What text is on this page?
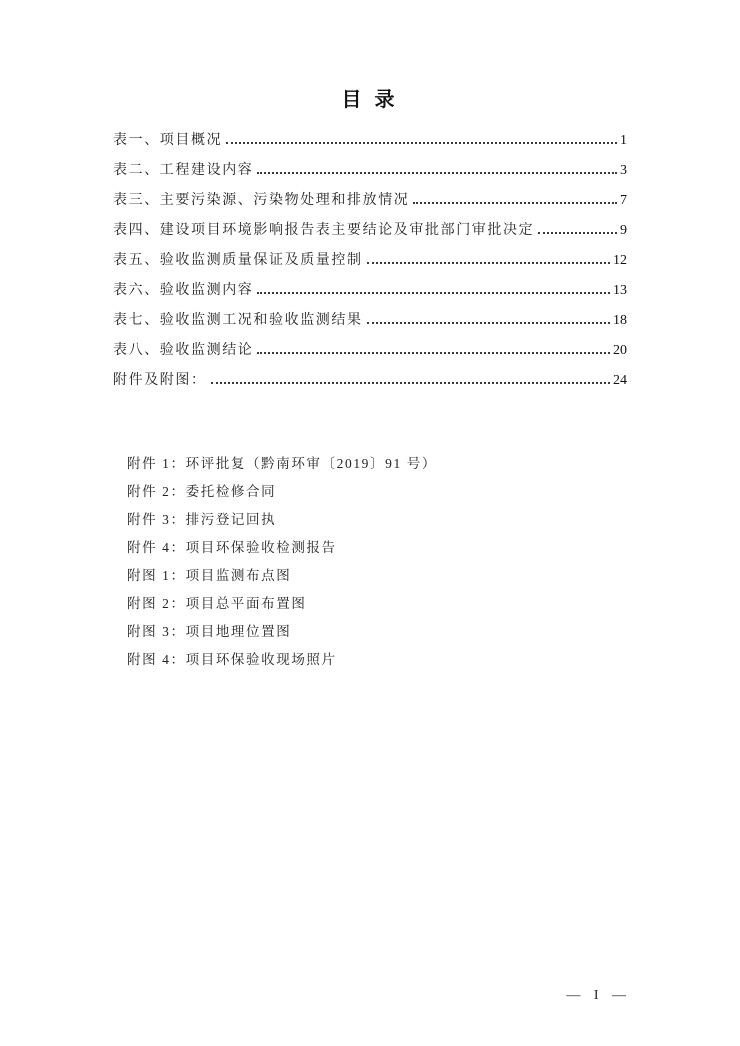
目 录
表一、项目概况	1
表二、工程建设内容	3
表三、主要污染源、污染物处理和排放情况	7
表四、建设项目环境影响报告表主要结论及审批部门审批决定	9
表五、验收监测质量保证及质量控制	12
表六、验收监测内容	13
表七、验收监测工况和验收监测结果	18
表八、验收监测结论	20
附件及附图：	24
附件 1：环评批复（黔南环审〔2019〕91 号）
附件 2：委托检修合同
附件 3：排污登记回执
附件 4：项目环保验收检测报告
附图 1：项目监测布点图
附图 2：项目总平面布置图
附图 3：项目地理位置图
附图 4：项目环保验收现场照片
— I —
